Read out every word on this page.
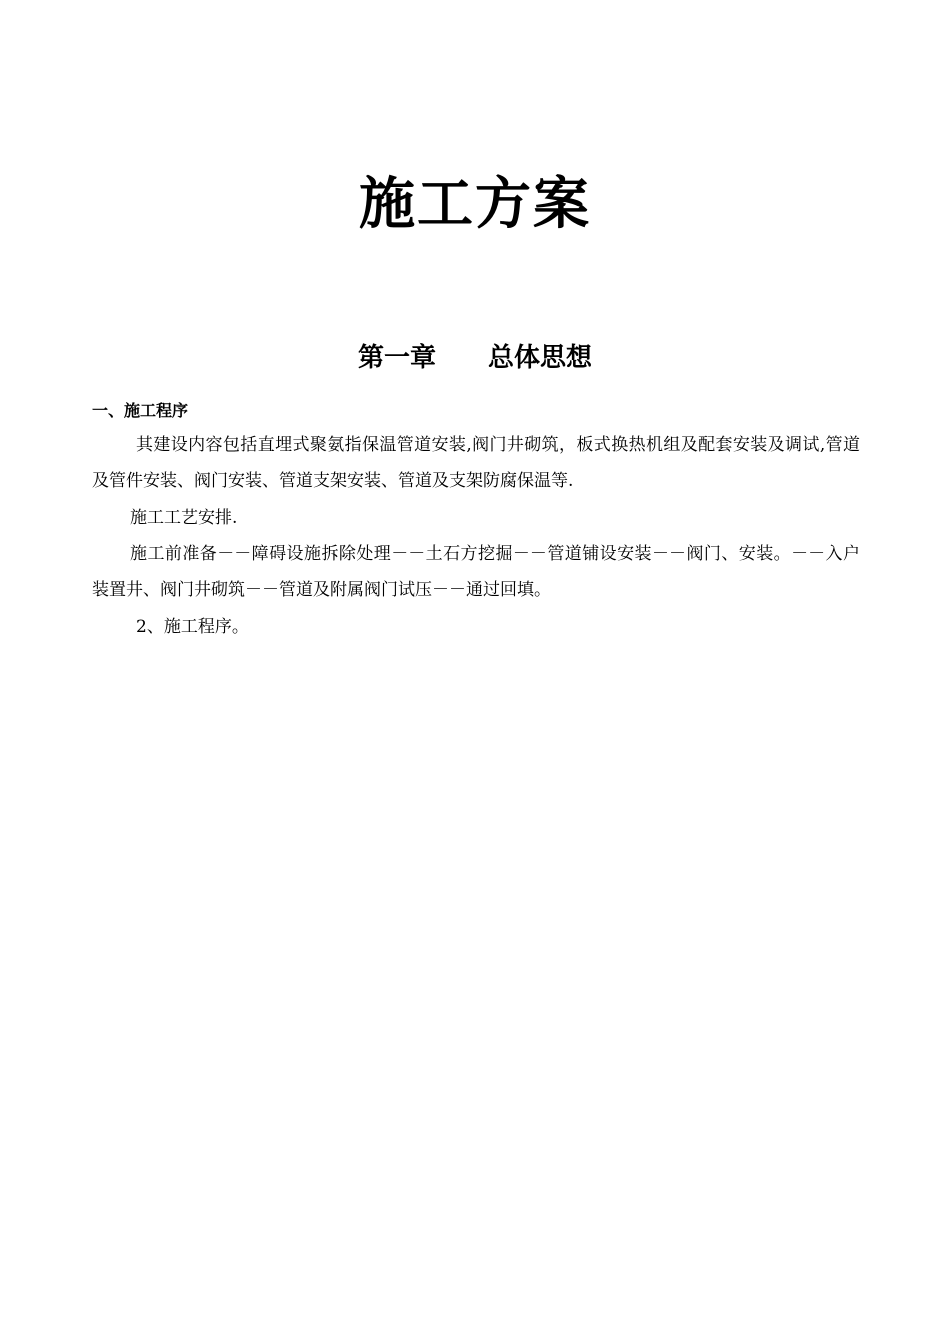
施工方案
第一章　　 总体思想
一、施工程序
其建设内容包括直埋式聚氨指保温管道安装,阀门井砌筑，板式换热机组及配套安装及调试,管道及管件安装、阀门安装、管道支架安装、管道及支架防腐保温等.
施工工艺安排.
施工前准备－－障碍设施拆除处理－－土石方挖掘－－管道铺设安装－－阀门、安装。－－入户装置井、阀门井砌筑－－管道及附属阀门试压－－通过回填。
2、施工程序。
